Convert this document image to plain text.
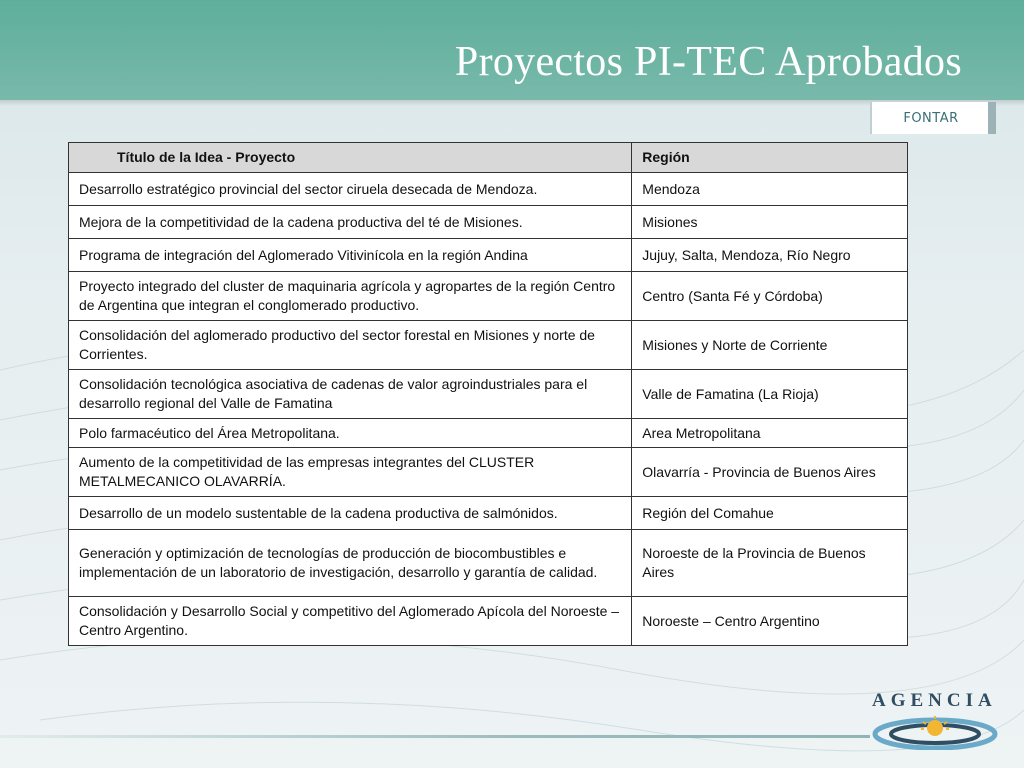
Proyectos PI-TEC Aprobados
FONTAR
Título de la Idea - Proyecto	Región
Desarrollo estratégico provincial del sector ciruela desecada de Mendoza.	Mendoza
Mejora de la competitividad de la cadena productiva del té de Misiones.	Misiones
Programa de integración del Aglomerado Vitivinícola en la región Andina	Jujuy, Salta, Mendoza, Río Negro
Proyecto integrado del cluster de maquinaria agrícola y agropartes de la región Centro de Argentina que integran el conglomerado productivo.	Centro (Santa Fé y Córdoba)
Consolidación del aglomerado productivo del sector forestal en Misiones y norte de Corrientes.	Misiones y Norte de Corriente
Consolidación tecnológica asociativa de cadenas de valor agroindustriales para el desarrollo regional del Valle de Famatina	Valle de Famatina (La Rioja)
Polo farmacéutico del Área Metropolitana.	Area Metropolitana
Aumento de la competitividad de las empresas integrantes del CLUSTER METALMECANICO OLAVARRÍA.	Olavarría - Provincia de Buenos Aires
Desarrollo de un modelo sustentable de la cadena productiva de salmónidos.	Región del Comahue
Generación y optimización de tecnologías de producción de biocombustibles e implementación de un laboratorio de investigación, desarrollo y garantía de calidad.	Noroeste de la Provincia de Buenos Aires
Consolidación y Desarrollo Social y competitivo del Aglomerado Apícola del Noroeste – Centro Argentino.	Noroeste – Centro Argentino
AGENCIA
